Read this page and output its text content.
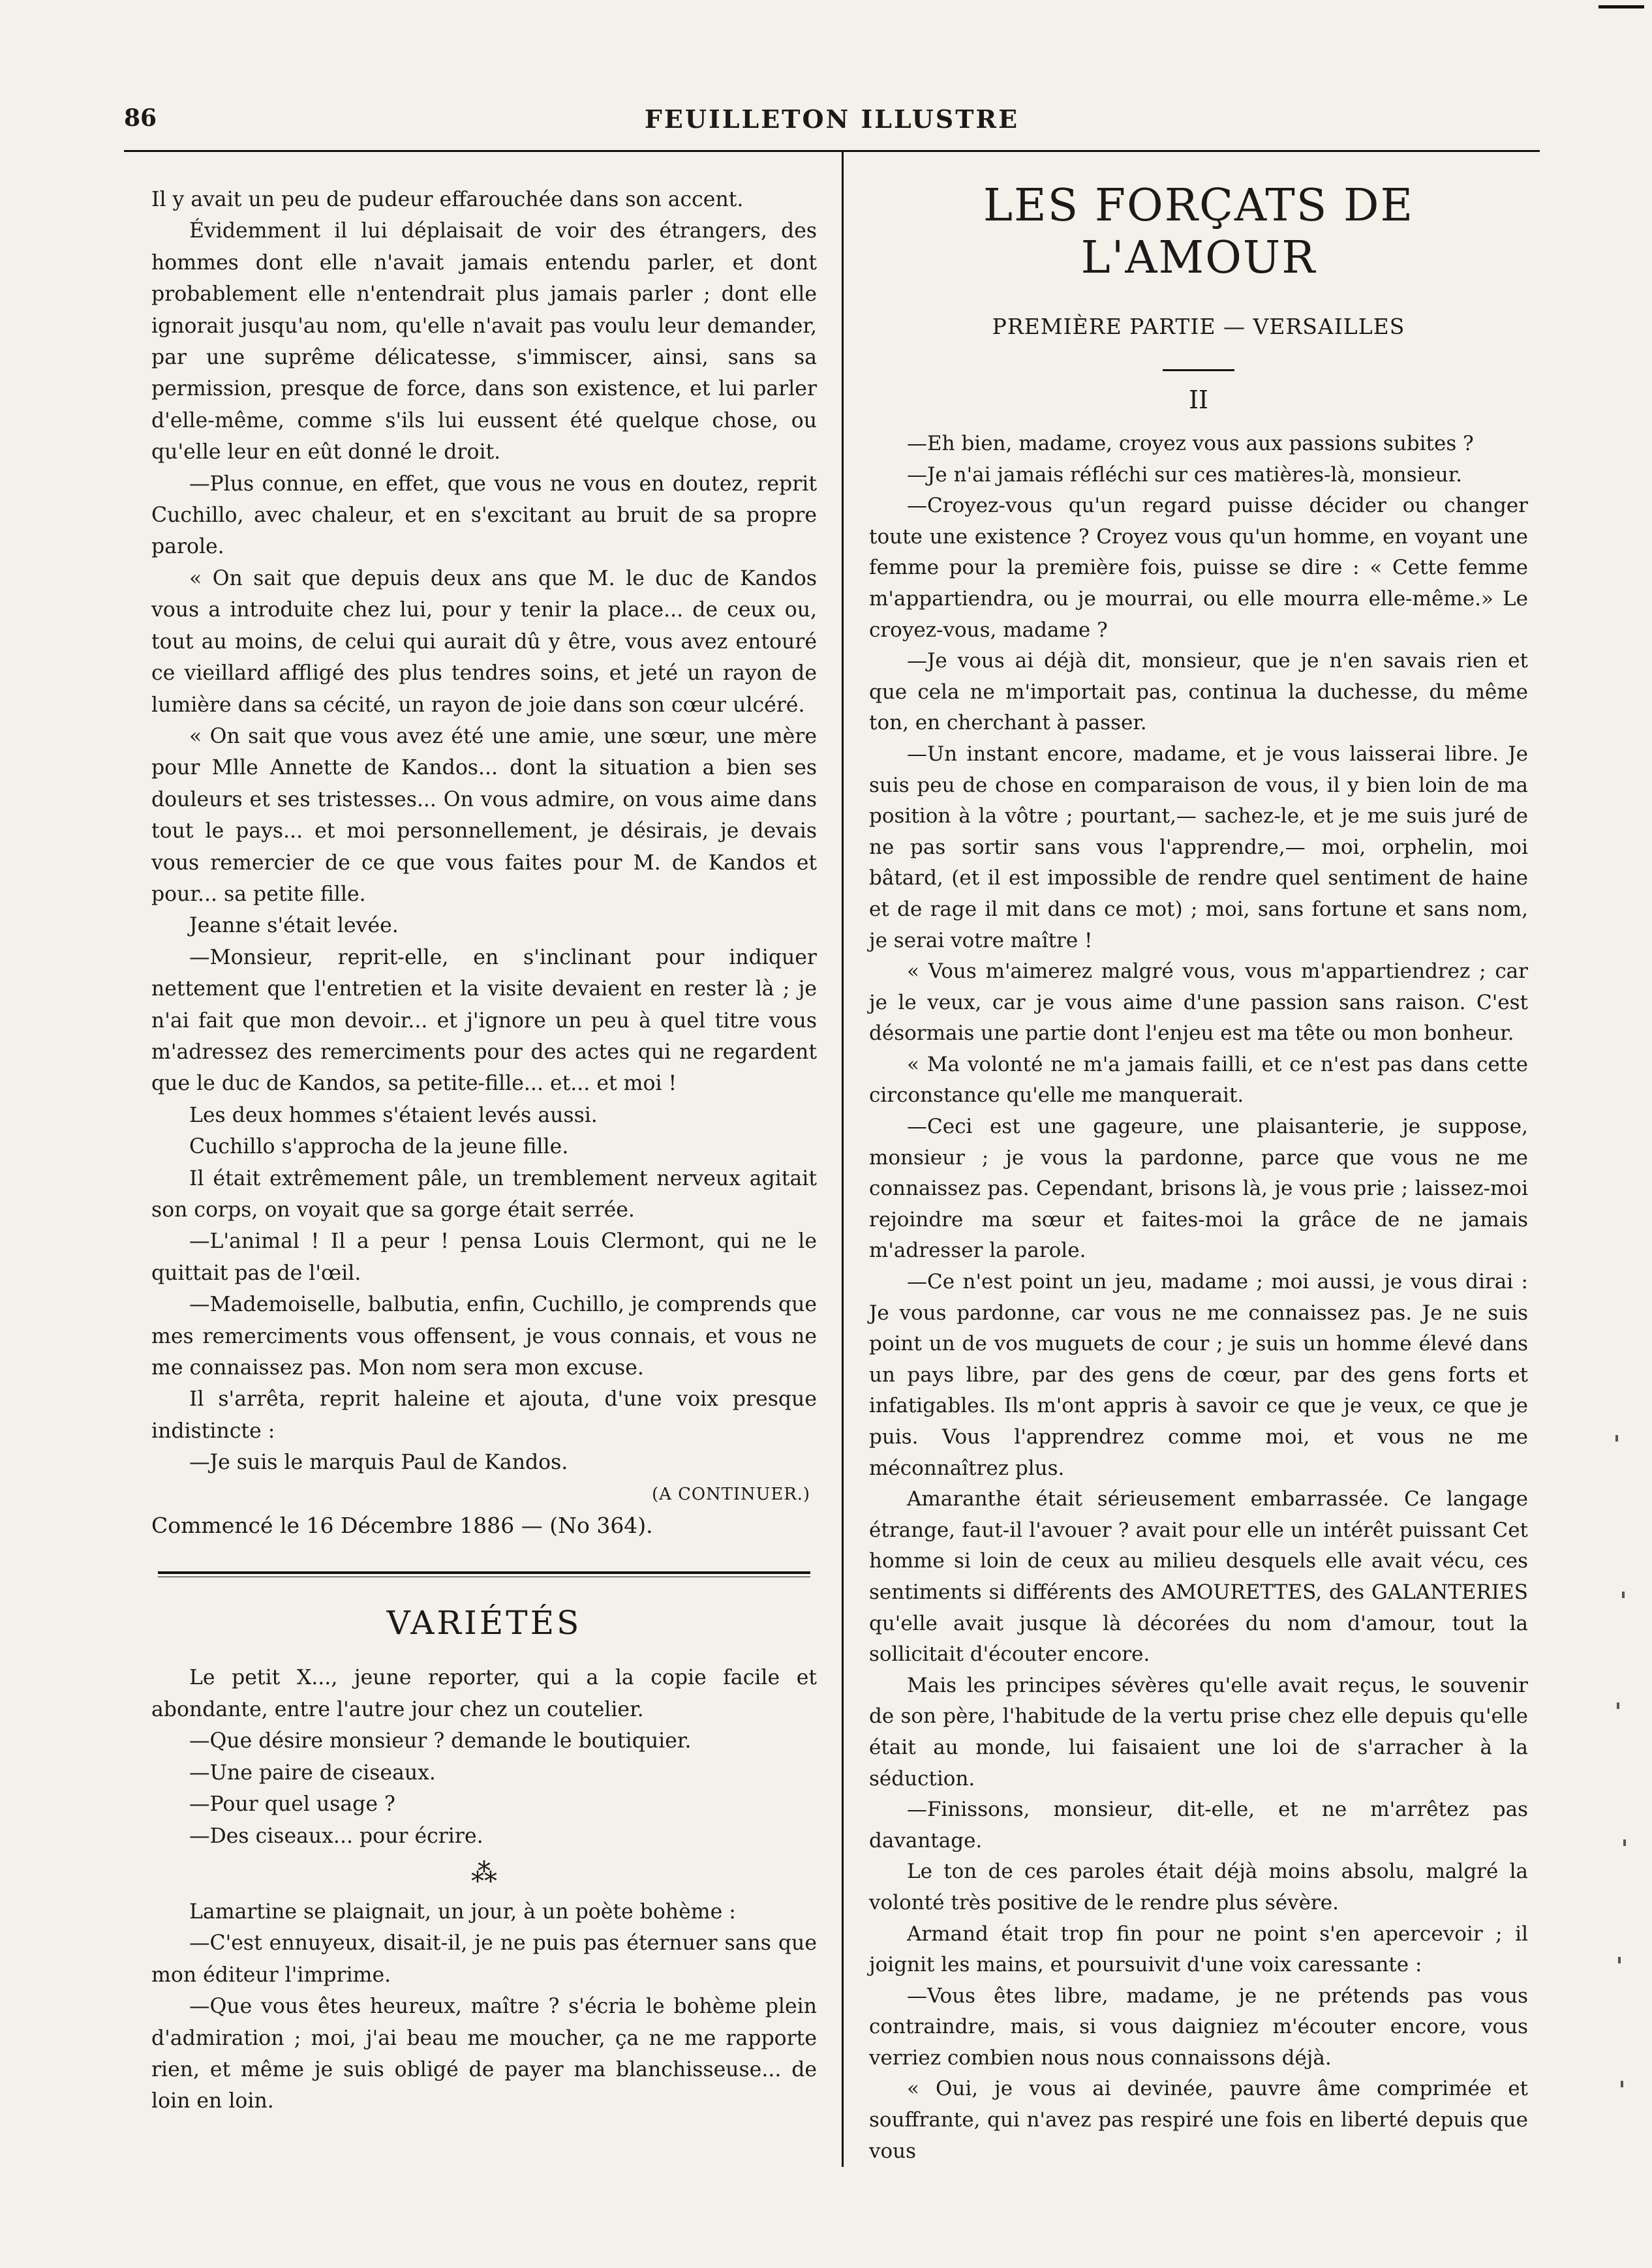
86	FEUILLETON ILLUSTRE

Il y avait un peu de pudeur effarouchée dans son accent.

Évidemment il lui déplaisait de voir des étrangers, des hommes dont elle n'avait jamais entendu parler, et dont probablement elle n'entendrait plus jamais parler ; dont elle ignorait jusqu'au nom, qu'elle n'avait pas voulu leur demander, par une suprême délicatesse, s'immiscer, ainsi, sans sa permission, presque de force, dans son existence, et lui parler d'elle-même, comme s'ils lui eussent été quelque chose, ou qu'elle leur en eût donné le droit.

—Plus connue, en effet, que vous ne vous en doutez, reprit Cuchillo, avec chaleur, et en s'excitant au bruit de sa propre parole.

« On sait que depuis deux ans que M. le duc de Kandos vous a introduite chez lui, pour y tenir la place... de ceux ou, tout au moins, de celui qui aurait dû y être, vous avez entouré ce vieillard affligé des plus tendres soins, et jeté un rayon de lumière dans sa cécité, un rayon de joie dans son cœur ulcéré.

« On sait que vous avez été une amie, une sœur, une mère pour Mlle Annette de Kandos... dont la situation a bien ses douleurs et ses tristesses... On vous admire, on vous aime dans tout le pays... et moi personnellement, je désirais, je devais vous remercier de ce que vous faites pour M. de Kandos et pour... sa petite fille.

Jeanne s'était levée.

—Monsieur, reprit-elle, en s'inclinant pour indiquer nettement que l'entretien et la visite devaient en rester là ; je n'ai fait que mon devoir... et j'ignore un peu à quel titre vous m'adressez des remerciments pour des actes qui ne regardent que le duc de Kandos, sa petite-fille... et... et moi !

Les deux hommes s'étaient levés aussi.

Cuchillo s'approcha de la jeune fille.

Il était extrêmement pâle, un tremblement nerveux agitait son corps, on voyait que sa gorge était serrée.

—L'animal ! Il a peur ! pensa Louis Clermont, qui ne le quittait pas de l'œil.

—Mademoiselle, balbutia, enfin, Cuchillo, je comprends que mes remerciments vous offensent, je vous connais, et vous ne me connaissez pas. Mon nom sera mon excuse.

Il s'arrêta, reprit haleine et ajouta, d'une voix presque indistincte :

—Je suis le marquis Paul de Kandos.

(A CONTINUER.)

Commencé le 16 Décembre 1886 — (No 364).

VARIÉTÉS

Le petit X..., jeune reporter, qui a la copie facile et abondante, entre l'autre jour chez un coutelier.

—Que désire monsieur ? demande le boutiquier.

—Une paire de ciseaux.

—Pour quel usage ?

—Des ciseaux... pour écrire.

⁂

Lamartine se plaignait, un jour, à un poète bohème :

—C'est ennuyeux, disait-il, je ne puis pas éternuer sans que mon éditeur l'imprime.

—Que vous êtes heureux, maître ? s'écria le bohème plein d'admiration ; moi, j'ai beau me moucher, ça ne me rapporte rien, et même je suis obligé de payer ma blanchisseuse... de loin en loin.

LES FORÇATS DE L'AMOUR
PREMIÈRE PARTIE — VERSAILLES
II

—Eh bien, madame, croyez vous aux passions subites ?

—Je n'ai jamais réfléchi sur ces matières-là, monsieur.

—Croyez-vous qu'un regard puisse décider ou changer toute une existence ? Croyez vous qu'un homme, en voyant une femme pour la première fois, puisse se dire : « Cette femme m'appartiendra, ou je mourrai, ou elle mourra elle-même.» Le croyez-vous, madame ?

—Je vous ai déjà dit, monsieur, que je n'en savais rien et que cela ne m'importait pas, continua la duchesse, du même ton, en cherchant à passer.

—Un instant encore, madame, et je vous laisserai libre. Je suis peu de chose en comparaison de vous, il y bien loin de ma position à la vôtre ; pourtant,— sachez-le, et je me suis juré de ne pas sortir sans vous l'apprendre,— moi, orphelin, moi bâtard, (et il est impossible de rendre quel sentiment de haine et de rage il mit dans ce mot) ; moi, sans fortune et sans nom, je serai votre maître !

« Vous m'aimerez malgré vous, vous m'appartiendrez ; car je le veux, car je vous aime d'une passion sans raison. C'est désormais une partie dont l'enjeu est ma tête ou mon bonheur.

« Ma volonté ne m'a jamais failli, et ce n'est pas dans cette circonstance qu'elle me manquerait.

—Ceci est une gageure, une plaisanterie, je suppose, monsieur ; je vous la pardonne, parce que vous ne me connaissez pas. Cependant, brisons là, je vous prie ; laissez-moi rejoindre ma sœur et faites-moi la grâce de ne jamais m'adresser la parole.

—Ce n'est point un jeu, madame ; moi aussi, je vous dirai : Je vous pardonne, car vous ne me connaissez pas. Je ne suis point un de vos muguets de cour ; je suis un homme élevé dans un pays libre, par des gens de cœur, par des gens forts et infatigables. Ils m'ont appris à savoir ce que je veux, ce que je puis. Vous l'apprendrez comme moi, et vous ne me méconnaîtrez plus.

Amaranthe était sérieusement embarrassée. Ce langage étrange, faut-il l'avouer ? avait pour elle un intérêt puissant Cet homme si loin de ceux au milieu desquels elle avait vécu, ces sentiments si différents des AMOURETTES, des GALANTERIES qu'elle avait jusque là décorées du nom d'amour, tout la sollicitait d'écouter encore.

Mais les principes sévères qu'elle avait reçus, le souvenir de son père, l'habitude de la vertu prise chez elle depuis qu'elle était au monde, lui faisaient une loi de s'arracher à la séduction.

—Finissons, monsieur, dit-elle, et ne m'arrêtez pas davantage.

Le ton de ces paroles était déjà moins absolu, malgré la volonté très positive de le rendre plus sévère.

Armand était trop fin pour ne point s'en apercevoir ; il joignit les mains, et poursuivit d'une voix caressante :

—Vous êtes libre, madame, je ne prétends pas vous contraindre, mais, si vous daigniez m'écouter encore, vous verriez combien nous nous connaissons déjà.

« Oui, je vous ai devinée, pauvre âme comprimée et souffrante, qui n'avez pas respiré une fois en liberté depuis que vous
